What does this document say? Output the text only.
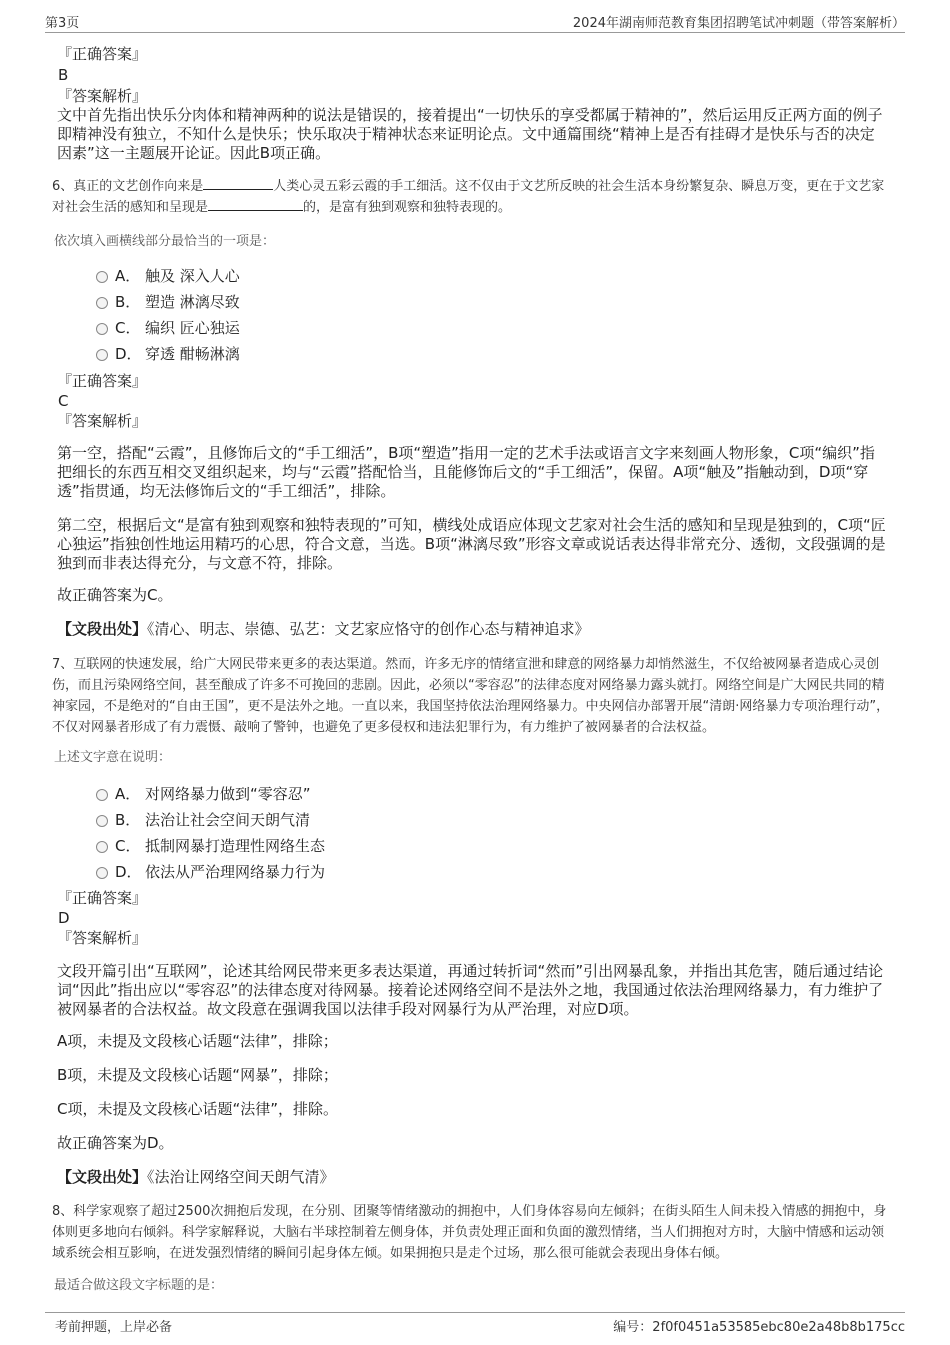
第3页	2024年湖南师范教育集团招聘笔试冲刺题（带答案解析）
『正确答案』
B
『答案解析』

文中首先指出快乐分肉体和精神两种的说法是错误的，接着提出“一切快乐的享受都属于精神的”，然后运用反正两方面的例子即精神没有独立，不知什么是快乐；快乐取决于精神状态来证明论点。文中通篇围绕“精神上是否有挂碍才是快乐与否的决定因素”这一主题展开论证。因此B项正确。

6、真正的文艺创作向来是	人类心灵五彩云霞的手工细活。这不仅由于文艺所反映的社会生活本身纷繁复杂、瞬息万变，更在于文艺家对社会生活的感知和呈现是	的，是富有独到观察和独特表现的。

依次填入画横线部分最恰当的一项是：
A． 触及 深入人心
B． 塑造 淋漓尽致
C． 编织 匠心独运
D． 穿透 酣畅淋漓
『正确答案』
C
『答案解析』

第一空，搭配“云霞”，且修饰后文的“手工细活”，B项“塑造”指用一定的艺术手法或语言文字来刻画人物形象，C项“编织”指把细长的东西互相交叉组织起来，均与“云霞”搭配恰当，且能修饰后文的“手工细活”，保留。A项“触及”指触动到，D项“穿透”指贯通，均无法修饰后文的“手工细活”，排除。

第二空，根据后文“是富有独到观察和独特表现的”可知，横线处成语应体现文艺家对社会生活的感知和呈现是独到的，C项“匠心独运”指独创性地运用精巧的心思，符合文意，当选。B项“淋漓尽致”形容文章或说话表达得非常充分、透彻，文段强调的是独到而非表达得充分，与文意不符，排除。

故正确答案为C。

【文段出处】《清心、明志、崇德、弘艺：文艺家应恪守的创作心态与精神追求》

7、互联网的快速发展，给广大网民带来更多的表达渠道。然而，许多无序的情绪宣泄和肆意的网络暴力却悄然滋生，不仅给被网暴者造成心灵创伤，而且污染网络空间，甚至酿成了许多不可挽回的悲剧。因此，必须以“零容忍”的法律态度对网络暴力露头就打。网络空间是广大网民共同的精神家园，不是绝对的“自由王国”，更不是法外之地。一直以来，我国坚持依法治理网络暴力。中央网信办部署开展“清朗·网络暴力专项治理行动”，不仅对网暴者形成了有力震慑、敲响了警钟，也避免了更多侵权和违法犯罪行为，有力维护了被网暴者的合法权益。

上述文字意在说明：
A． 对网络暴力做到“零容忍”
B． 法治让社会空间天朗气清
C． 抵制网暴打造理性网络生态
D． 依法从严治理网络暴力行为
『正确答案』
D
『答案解析』

文段开篇引出“互联网”，论述其给网民带来更多表达渠道，再通过转折词“然而”引出网暴乱象，并指出其危害，随后通过结论词“因此”指出应以“零容忍”的法律态度对待网暴。接着论述网络空间不是法外之地，我国通过依法治理网络暴力，有力维护了被网暴者的合法权益。故文段意在强调我国以法律手段对网暴行为从严治理，对应D项。

A项，未提及文段核心话题“法律”，排除；

B项，未提及文段核心话题“网暴”，排除；

C项，未提及文段核心话题“法律”，排除。

故正确答案为D。

【文段出处】《法治让网络空间天朗气清》

8、科学家观察了超过2500次拥抱后发现，在分别、团聚等情绪激动的拥抱中，人们身体容易向左倾斜；在街头陌生人间未投入情感的拥抱中，身体则更多地向右倾斜。科学家解释说，大脑右半球控制着左侧身体，并负责处理正面和负面的激烈情绪，当人们拥抱对方时，大脑中情感和运动领域系统会相互影响，在迸发强烈情绪的瞬间引起身体左倾。如果拥抱只是走个过场，那么很可能就会表现出身体右倾。

最适合做这段文字标题的是：
考前押题，上岸必备	编号：2f0f0451a53585ebc80e2a48b8b175cc
